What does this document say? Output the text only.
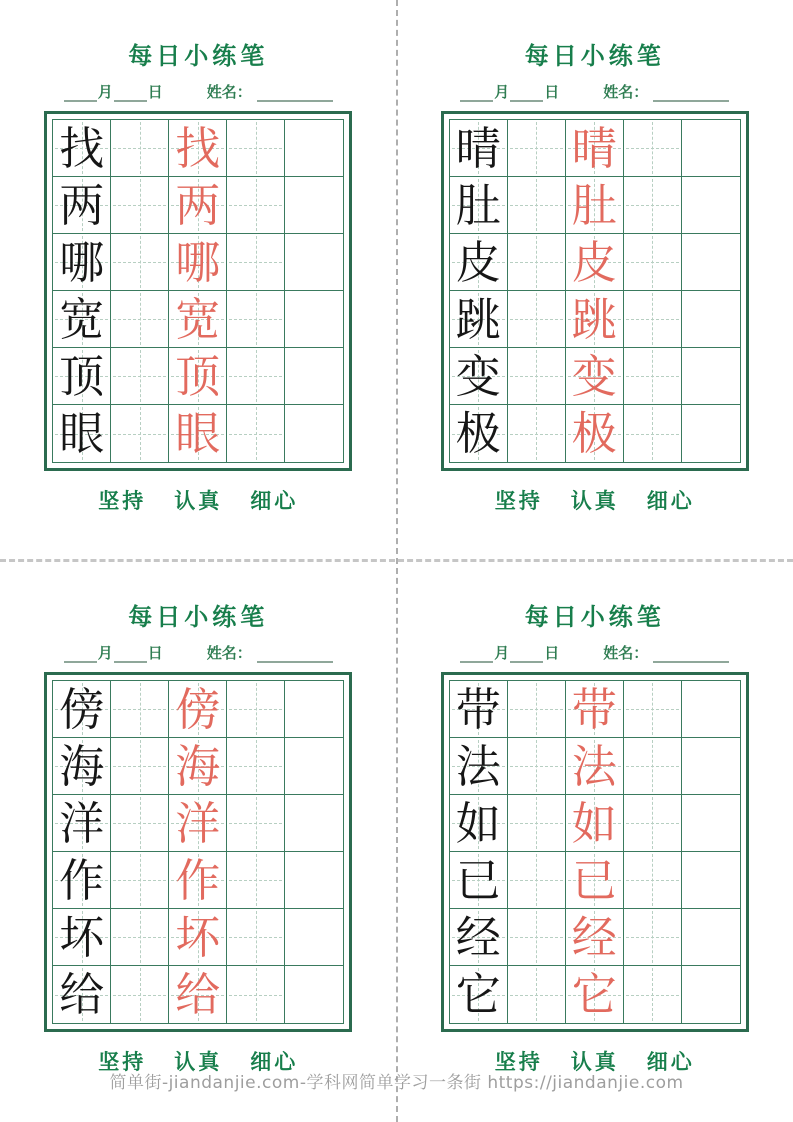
每日小练笔
月 日	姓名：
找 找
两 两
哪 哪
宽 宽
顶 顶
眼 眼
坚持 认真 细心
每日小练笔
月 日	姓名：
晴 晴
肚 肚
皮 皮
跳 跳
变 变
极 极
坚持 认真 细心
每日小练笔
月 日	姓名：
傍 傍
海 海
洋 洋
作 作
坏 坏
给 给
坚持 认真 细心
每日小练笔
月 日	姓名：
带 带
法 法
如 如
已 已
经 经
它 它
坚持 认真 细心
简单街-jiandanjie.com-学科网简单学习一条街 https://jiandanjie.com
